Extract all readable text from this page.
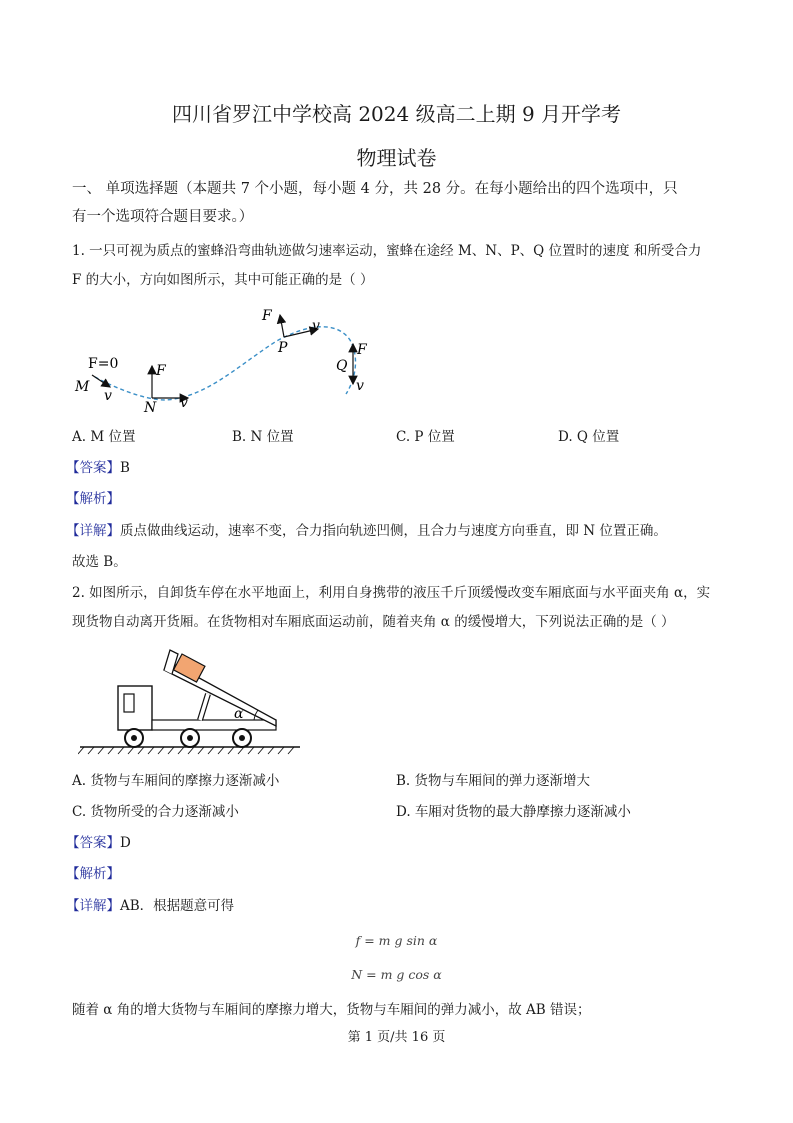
四川省罗江中学校高 2024 级高二上期 9 月开学考
物理试卷
一、 单项选择题（本题共 7 个小题，每小题 4 分，共 28 分。在每小题给出的四个选项中，只
有一个选项符合题目要求。）
1. 一只可视为质点的蜜蜂沿弯曲轨迹做匀速率运动，蜜蜂在途经 M、N、P、Q 位置时的速度 和所受合力
F 的大小，方向如图所示，其中可能正确的是（ ）
F=0
M
v
F
N v
F
v
P	F
Q
v
A. M 位置	B. N 位置	C. P 位置	D. Q 位置
【答案】B
【解析】
【详解】质点做曲线运动，速率不变，合力指向轨迹凹侧，且合力与速度方向垂直，即 N 位置正确。
故选 B。
2. 如图所示，自卸货车停在水平地面上，利用自身携带的液压千斤顶缓慢改变车厢底面与水平面夹角 α，实
现货物自动离开货厢。在货物相对车厢底面运动前，随着夹角 α 的缓慢增大，下列说法正确的是（ ）
α
A. 货物与车厢间的摩擦力逐渐减小	B. 货物与车厢间的弹力逐渐增大
C. 货物所受的合力逐渐减小	D. 车厢对货物的最大静摩擦力逐渐减小
【答案】D
【解析】
【详解】AB．根据题意可得
f = m g sin α
N = m g cos α
随着 α 角的增大货物与车厢间的摩擦力增大，货物与车厢间的弹力减小，故 AB 错误；
第 1 页/共 16 页
